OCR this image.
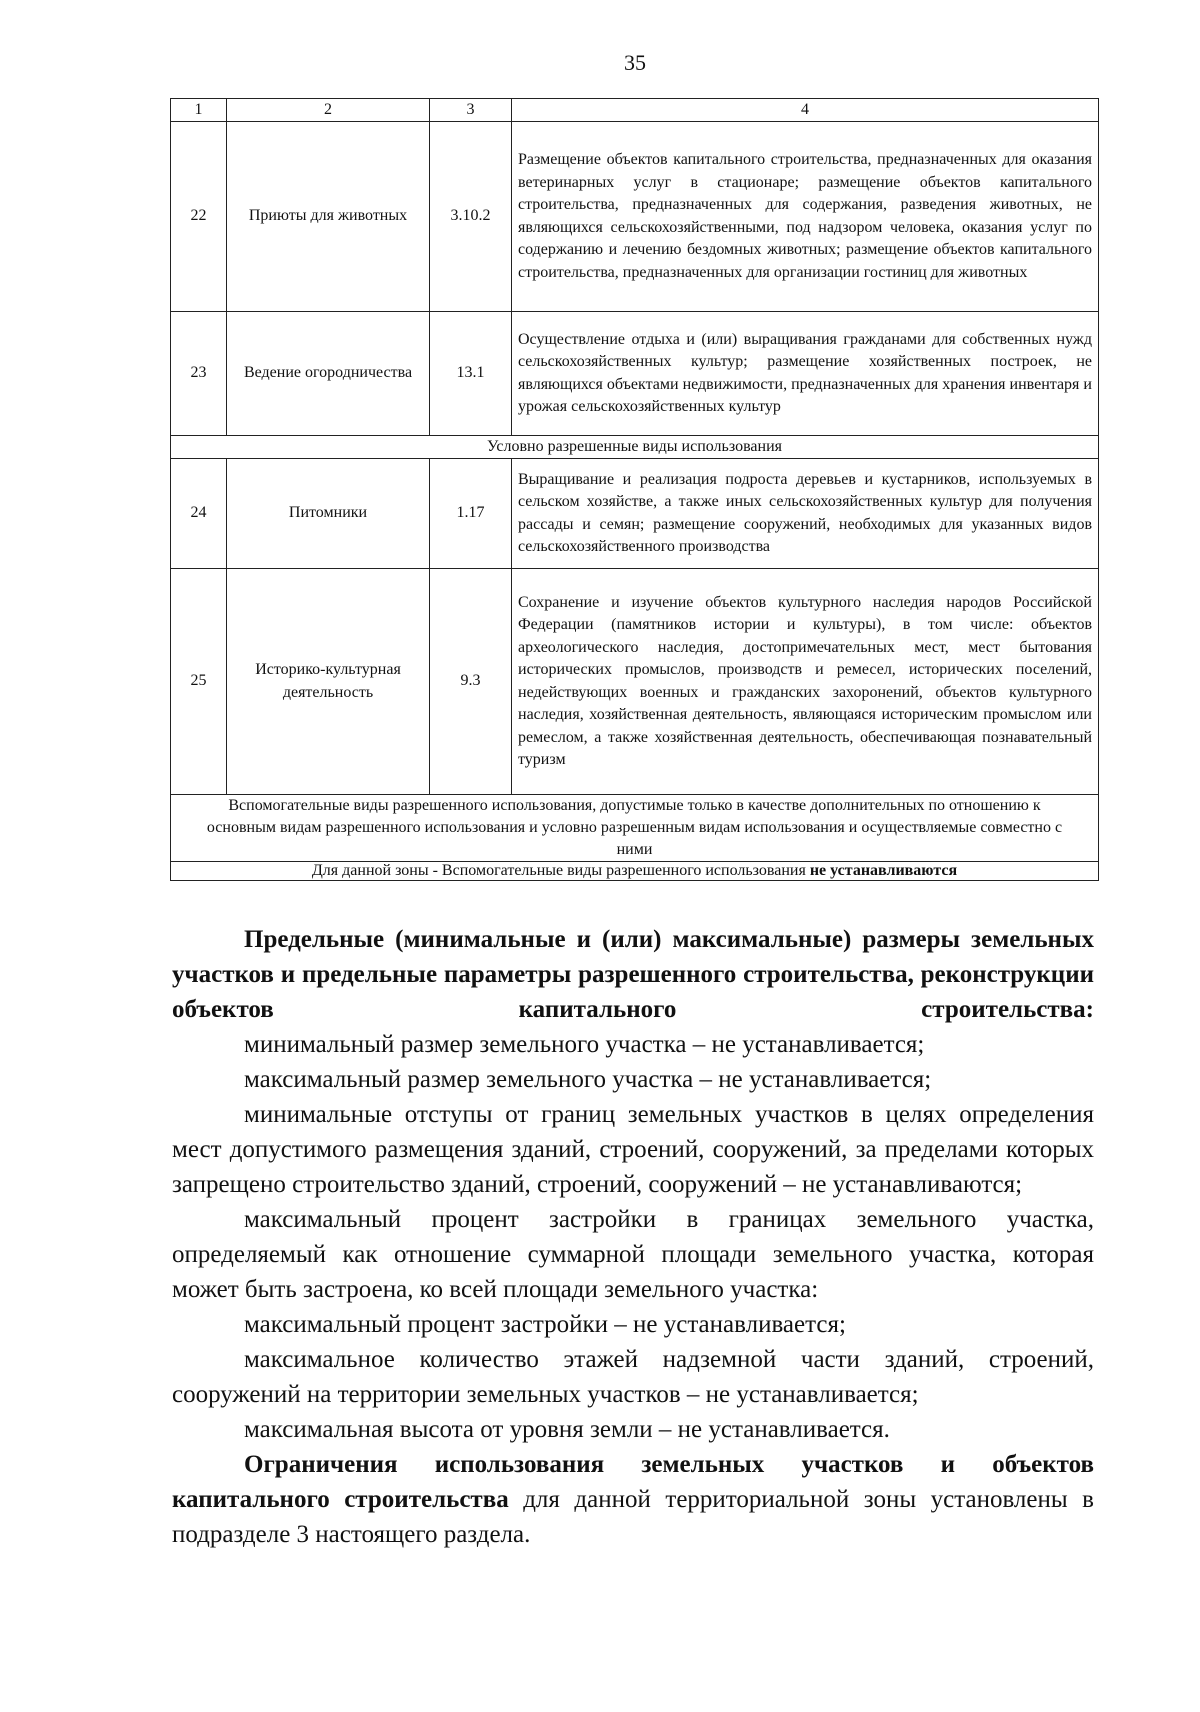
35
1	2	3	4
22	Приюты для животных	3.10.2	Размещение объектов капитального строительства, предназначенных для оказания ветеринарных услуг в стационаре; размещение объектов капитального строительства, предназначенных для содержания, разведения животных, не являющихся сельскохозяйственными, под надзором человека, оказания услуг по содержанию и лечению бездомных животных; размещение объектов капитального строительства, предназначенных для организации гостиниц для животных
23	Ведение огородничества	13.1	Осуществление отдыха и (или) выращивания гражданами для собственных нужд сельскохозяйственных культур; размещение хозяйственных построек, не являющихся объектами недвижимости, предназначенных для хранения инвентаря и урожая сельскохозяйственных культур
Условно разрешенные виды использования			
24	Питомники	1.17	Выращивание и реализация подроста деревьев и кустарников, используемых в сельском хозяйстве, а также иных сельскохозяйственных культур для получения рассады и семян; размещение сооружений, необходимых для указанных видов сельскохозяйственного производства
25	Историко-культурная деятельность	9.3	Сохранение и изучение объектов культурного наследия народов Российской Федерации (памятников истории и культуры), в том числе: объектов археологического наследия, достопримечательных мест, мест бытования исторических промыслов, производств и ремесел, исторических поселений, недействующих военных и гражданских захоронений, объектов культурного наследия, хозяйственная деятельность, являющаяся историческим промыслом или ремеслом, а также хозяйственная деятельность, обеспечивающая познавательный туризм
Вспомогательные виды разрешенного использования, допустимые только в качестве дополнительных по отношению к основным видам разрешенного использования и условно разрешенным видам использования и осуществляемые совместно с ними			
Для данной зоны - Вспомогательные виды разрешенного использования не устанавливаются			

Предельные (минимальные и (или) максимальные) размеры земельных участков и предельные параметры разрешенного строительства, реконструкции объектов капитального строительства:

минимальный размер земельного участка – не устанавливается;

максимальный размер земельного участка – не устанавливается;

минимальные отступы от границ земельных участков в целях определения мест допустимого размещения зданий, строений, сооружений, за пределами которых запрещено строительство зданий, строений, сооружений – не устанавливаются;

максимальный процент застройки в границах земельного участка, определяемый как отношение суммарной площади земельного участка, которая может быть застроена, ко всей площади земельного участка:

максимальный процент застройки – не устанавливается;

максимальное количество этажей надземной части зданий, строений, сооружений на территории земельных участков – не устанавливается;

максимальная высота от уровня земли – не устанавливается.

Ограничения использования земельных участков и объектов капитального строительства для данной территориальной зоны установлены в подразделе 3 настоящего раздела.
